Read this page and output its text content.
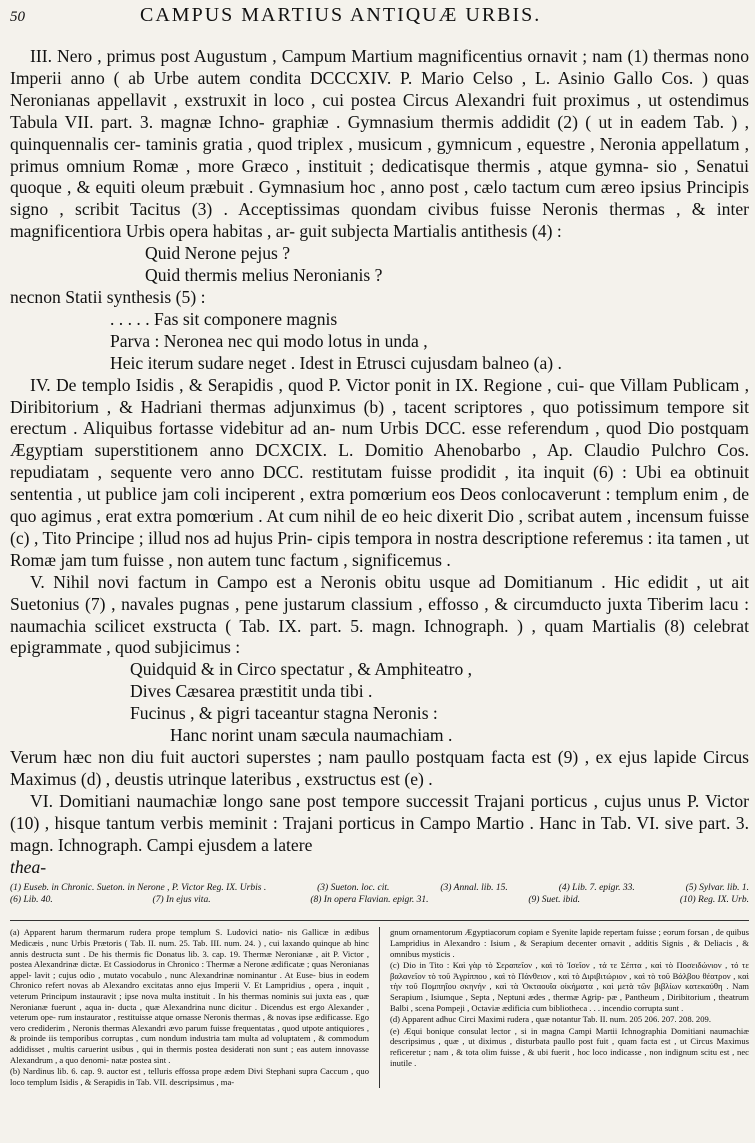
50	CAMPUS MARTIUS ANTIQUÆ URBIS.

III. Nero , primus post Augustum , Campum Martium magnificentius ornavit ; nam (1) thermas nono Imperii anno ( ab Urbe autem condita DCCCXIV. P. Mario Celso , L. Asinio Gallo Cos. ) quas Neronianas appellavit , exstruxit in loco , cui postea Circus Alexandri fuit proximus , ut ostendimus Tabula VII. part. 3. magnæ Ichno- graphiæ . Gymnasium thermis addidit (2) ( ut in eadem Tab. ) , quinquennalis cer- taminis gratia , quod triplex , musicum , gymnicum , equestre , Neronia appellatum , primus omnium Romæ , more Græco , instituit ; dedicatisque thermis , atque gymna- sio , Senatui quoque , & equiti oleum præbuit . Gymnasium hoc , anno post , cælo tactum cum æreo ipsius Principis signo , scribit Tacitus (3) . Acceptissimas quondam civibus fuisse Neronis thermas , & inter magnificentiora Urbis opera habitas , ar- guit subjecta Martialis antithesis (4) :

Quid Nerone pejus ?

Quid thermis melius Neronianis ?

necnon Statii synthesis (5) :

. . . . . Fas sit componere magnis

Parva : Neronea nec qui modo lotus in unda ,

Heic iterum sudare neget . Idest in Etrusci cujusdam balneo (a) .

IV. De templo Isidis , & Serapidis , quod P. Victor ponit in IX. Regione , cui- que Villam Publicam , Diribitorium , & Hadriani thermas adjunximus (b) , tacent scriptores , quo potissimum tempore sit erectum . Aliquibus fortasse videbitur ad an- num Urbis DCC. esse referendum , quod Dio postquam Ægyptiam superstitionem anno DCXCIX. L. Domitio Ahenobarbo , Ap. Claudio Pulchro Cos. repudiatam , sequente vero anno DCC. restitutam fuisse prodidit , ita inquit (6) : Ubi ea obtinuit sententia , ut publice jam coli inciperent , extra pomœrium eos Deos conlocaverunt : templum enim , de quo agimus , erat extra pomœrium . At cum nihil de eo heic dixerit Dio , scribat autem , incensum fuisse (c) , Tito Principe ; illud nos ad hujus Prin- cipis tempora in nostra descriptione referemus : ita tamen , ut Romæ jam tum fuisse , non autem tunc factum , significemus .

V. Nihil novi factum in Campo est a Neronis obitu usque ad Domitianum . Hic edidit , ut ait Suetonius (7) , navales pugnas , pene justarum classium , effosso , & circumducto juxta Tiberim lacu : naumachia scilicet exstructa ( Tab. IX. part. 5. magn. Ichnograph. ) , quam Martialis (8) celebrat epigrammate , quod subjicimus :

Quidquid & in Circo spectatur , & Amphiteatro ,

Dives Cæsarea præstitit unda tibi .

Fucinus , & pigri taceantur stagna Neronis :

Hanc norint unam sæcula naumachiam .

Verum hæc non diu fuit auctori superstes ; nam paullo postquam facta est (9) , ex ejus lapide Circus Maximus (d) , deustis utrinque lateribus , exstructus est (e) .

VI. Domitiani naumachiæ longo sane post tempore successit Trajani porticus , cujus unus P. Victor (10) , hisque tantum verbis meminit : Trajani porticus in Campo Martio . Hanc in Tab. VI. sive part. 3. magn. Ichnograph. Campi ejusdem a latere

thea-

(1) Euseb. in Chronic. Sueton. in Nerone , P. Victor Reg. IX. Urbis .	(3) Sueton. loc. cit.	(3) Annal. lib. 15.	(4) Lib. 7. epigr. 33.	(5) Sylvar. lib. 1.
(6) Lib. 40.	(7) In ejus vita.	(8) In opera Flavian. epigr. 31.	(9) Suet. ibid.	(10) Reg. IX. Urb.

(a) Apparent harum thermarum rudera prope templum S. Ludovici natio- nis Gallicæ in ædibus Medicæis , nunc Urbis Prætoris ( Tab. II. num. 25. Tab. III. num. 24. ) , cui laxando quinque ab hinc annis destructa sunt . De his thermis fic Donatus lib. 3. cap. 19. Thermæ Neronianæ , ait P. Victor , postea Alexandrinæ dictæ. Et Cassiodorus in Chronico : Thermæ a Nerone ædificatæ ; quas Neronianas appel- lavit ; cujus odio , mutato vocabulo , nunc Alexandrinæ nominantur . At Euse- bius in eodem Chronico refert novas ab Alexandro excitatas anno ejus Imperii V. Et Lampridius , opera , inquit , veterum Principum instauravit ; ipse nova multa instituit . In his thermas nominis sui juxta eas , quæ Neronianæ fuerunt , aqua in- ducta , quæ Alexandrina nunc dicitur . Dicendus est ergo Alexander , veterum ope- rum instaurator , restituisse atque ornasse Neronis thermas , & novas ipse ædificasse. Ego vero crediderim , Neronis thermas Alexandri ævo parum fuisse frequentatas , quod utpote antiquiores , & proinde iis temporibus corruptas , cum nondum industria tam multa ad voluptatem , & commodum addidisset , multis caruerint usibus , qui in thermis postea desiderati non sunt ; eas autem innovasse Alexandrum , a quo denomi- natæ postea sint .

(b) Nardinus lib. 6. cap. 9. auctor est , telluris effossa prope ædem Divi Stephani supra Caccum , quo loco templum Isidis , & Serapidis in Tab. VII. descripsimus , ma-

gnum ornamentorum Ægyptiacorum copiam e Syenite lapide repertam fuisse ; eorum forsan , de quibus Lampridius in Alexandro : Isium , & Serapium decenter ornavit , additis Signis , & Deliacis , & omnibus mysticis .

(c) Dio in Tito : Καὶ γὰρ τὸ Σεραπεῖον , καὶ τὸ Ἰσεῖον , τά τε Σέπτα , καὶ τὸ Ποσειδώνιον , τό τε βαλανεῖον τὸ τοῦ Ἀγρίππου , καὶ τὸ Πάνθειον , καὶ τὸ Διριβιτώριον , καὶ τὸ τοῦ Βάλβου θέατρον , καὶ τὴν τοῦ Πομπηΐου σκηνήν , καὶ τὰ Ὀκταουΐα οἰκήματα , καὶ μετὰ τῶν βιβλίων κατεκαύθη . Nam Serapium , Isiumque , Septa , Neptuni ædes , thermæ Agrip- pæ , Pantheum , Diribitorium , theatrum Balbi , scena Pompeji , Octaviæ ædificia cum bibliotheca . . . incendio corrupta sunt .

(d) Apparent adhuc Circi Maximi rudera , quæ notantur Tab. II. num. 205 206. 207. 208. 209.

(e) Æqui bonique consulat lector , si in magna Campi Martii Ichnographia Domitiani naumachiæ descripsimus , quæ , ut diximus , disturbata paullo post fuit , quam facta est , ut Circus Maximus reficeretur ; nam , & tota olim fuisse , & ubi fuerit , hoc loco indicasse , non indignum scitu est , nec inutile .
